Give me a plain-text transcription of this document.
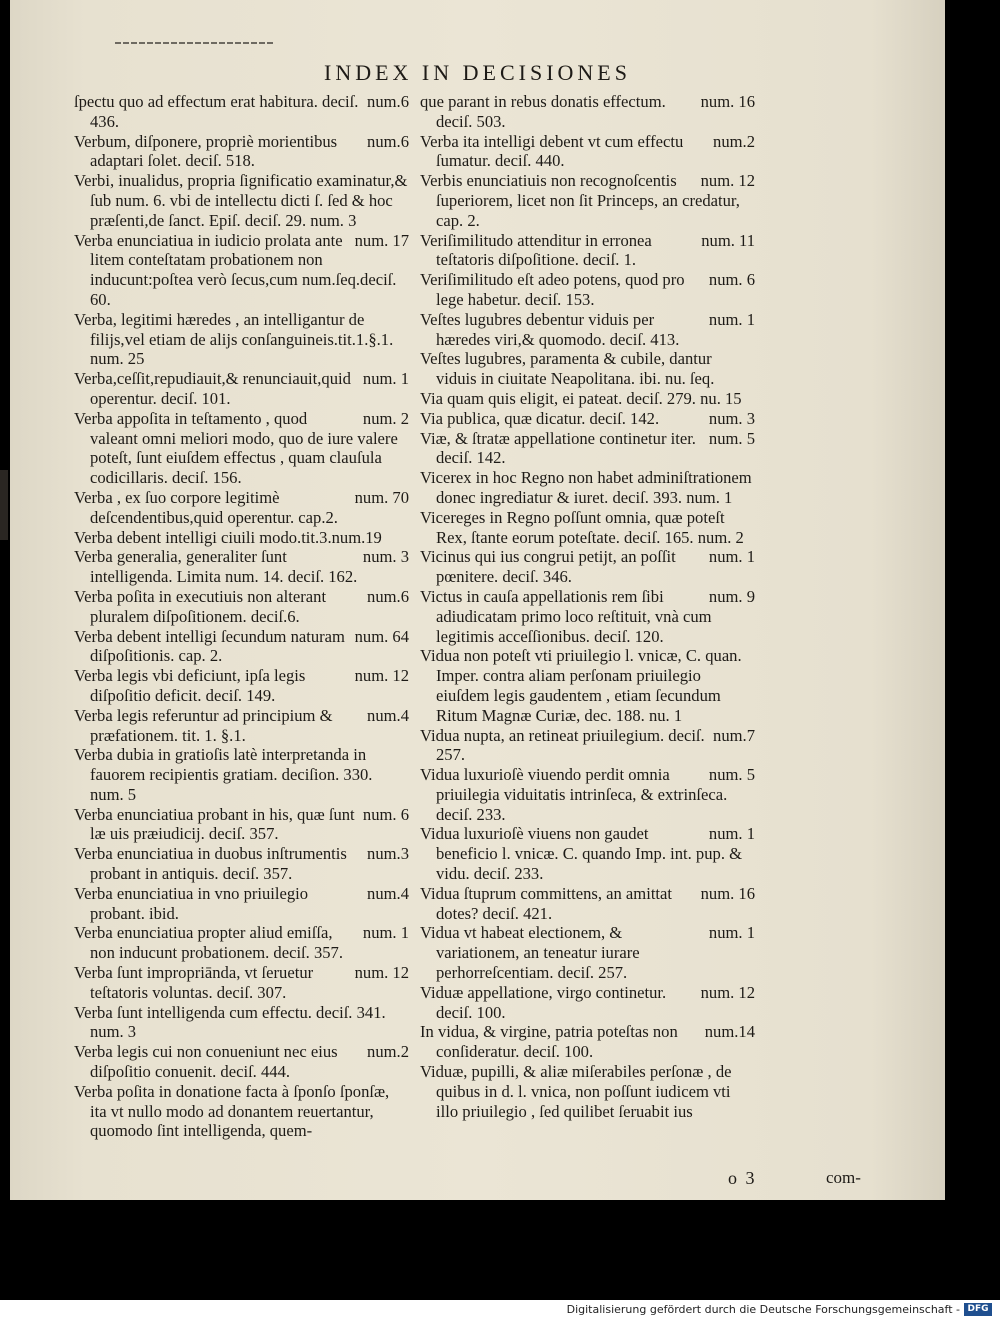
INDEX IN DECISIONES

num.6
ſpectu quo ad effectum erat habitura. deciſ. 436.

num.6
Verbum, diſponere, propriè morientibus adaptari ſolet. deciſ. 518.

Verbi, inualidus, propria ſignificatio examinatur,& ſub num. 6. vbi de intellectu dicti ſ. ſed & hoc præſenti,de ſanct. Epiſ. deciſ. 29. num. 3

num. 17
Verba enunciatiua in iudicio prolata ante litem conteſtatam probationem non inducunt:poſtea verò ſecus,cum num.ſeq.deciſ. 60.

Verba, legitimi hæredes , an intelligantur de filijs,vel etiam de alijs conſanguineis.tit.1.§.1. num. 25

num. 1
Verba,ceſſit,repudiauit,& renunciauit,quid operentur. deciſ. 101.

num. 2
Verba appoſita in teſtamento , quod valeant omni meliori modo, quo de iure valere poteſt, ſunt eiuſdem effectus , quam clauſula codicillaris. deciſ. 156.

num. 70
Verba , ex ſuo corpore legitimè deſcendentibus,quid operentur. cap.2.

Verba debent intelligi ciuili modo.tit.3.num.19

num. 3
Verba generalia, generaliter ſunt intelligenda. Limita num. 14. deciſ. 162.

num.6
Verba poſita in executiuis non alterant pluralem diſpoſitionem. deciſ.6.

num. 64
Verba debent intelligi ſecundum naturam diſpoſitionis. cap. 2.

num. 12
Verba legis vbi deficiunt, ipſa legis diſpoſitio deficit. deciſ. 149.

num.4
Verba legis referuntur ad principium & præfationem. tit. 1. §.1.

Verba dubia in gratioſis latè interpretanda in fauorem recipientis gratiam. deciſion. 330. num. 5

num. 6
Verba enunciatiua probant in his, quæ ſunt læ uis præiudicij. deciſ. 357.

num.3
Verba enunciatiua in duobus inſtrumentis probant in antiquis. deciſ. 357.

num.4
Verba enunciatiua in vno priuilegio probant. ibid.

num. 1
Verba enunciatiua propter aliud emiſſa, non inducunt probationem. deciſ. 357.

num. 12
Verba ſunt impropriānda, vt ſeruetur teſtatoris voluntas. deciſ. 307.

Verba ſunt intelligenda cum effectu. deciſ. 341. num. 3

num.2
Verba legis cui non conueniunt nec eius diſpoſitio conuenit. deciſ. 444.

Verba poſita in donatione facta à ſponſo ſponſæ, ita vt nullo modo ad donantem reuertantur, quomodo ſint intelligenda, quem-

num. 16
que parant in rebus donatis effectum. deciſ. 503.

num.2
Verba ita intelligi debent vt cum effectu ſumatur. deciſ. 440.

num. 12
Verbis enunciatiuis non recognoſcentis ſuperiorem, licet non ſit Princeps, an credatur, cap. 2.

num. 11
Veriſimilitudo attenditur in erronea teſtatoris diſpoſitione. deciſ. 1.

num. 6
Veriſimilitudo eſt adeo potens, quod pro lege habetur. deciſ. 153.

num. 1
Veſtes lugubres debentur viduis per hæredes viri,& quomodo. deciſ. 413.

Veſtes lugubres, paramenta & cubile, dantur viduis in ciuitate Neapolitana. ibi. nu. ſeq.

Via quam quis eligit, ei pateat. deciſ. 279. nu. 15

num. 3
Via publica, quæ dicatur. deciſ. 142.

num. 5
Viæ, & ſtratæ appellatione continetur iter. deciſ. 142.

Vicerex in hoc Regno non habet adminiſtrationem donec ingrediatur & iuret. deciſ. 393. num. 1

Vicereges in Regno poſſunt omnia, quæ poteſt Rex, ſtante eorum poteſtate. deciſ. 165. num. 2

num. 1
Vicinus qui ius congrui petijt, an poſſit pœnitere. deciſ. 346.

num. 9
Victus in cauſa appellationis rem ſibi adiudicatam primo loco reſtituit, vnà cum legitimis acceſſionibus. deciſ. 120.

Vidua non poteſt vti priuilegio l. vnicæ, C. quan. Imper. contra aliam perſonam priuilegio eiuſdem legis gaudentem , etiam ſecundum Ritum Magnæ Curiæ, dec. 188. nu. 1

num.7
Vidua nupta, an retineat priuilegium. deciſ. 257.

num. 5
Vidua luxurioſè viuendo perdit omnia priuilegia viduitatis intrinſeca, & extrinſeca. deciſ. 233.

num. 1
Vidua luxurioſè viuens non gaudet beneficio l. vnicæ. C. quando Imp. int. pup. & vidu. deciſ. 233.

num. 16
Vidua ſtuprum committens, an amittat dotes? deciſ. 421.

num. 1
Vidua vt habeat electionem, & variationem, an teneatur iurare perhorreſcentiam. deciſ. 257.

num. 12
Viduæ appellatione, virgo continetur. deciſ. 100.

num.14
In vidua, & virgine, patria poteſtas non conſideratur. deciſ. 100.

Viduæ, pupilli, & aliæ miſerabiles perſonæ , de quibus in d. l. vnica, non poſſunt iudicem vti illo priuilegio , ſed quilibet ſeruabit ius

o 3	com-
Digitalisierung gefördert durch die Deutsche Forschungsgemeinschaft - DFG
